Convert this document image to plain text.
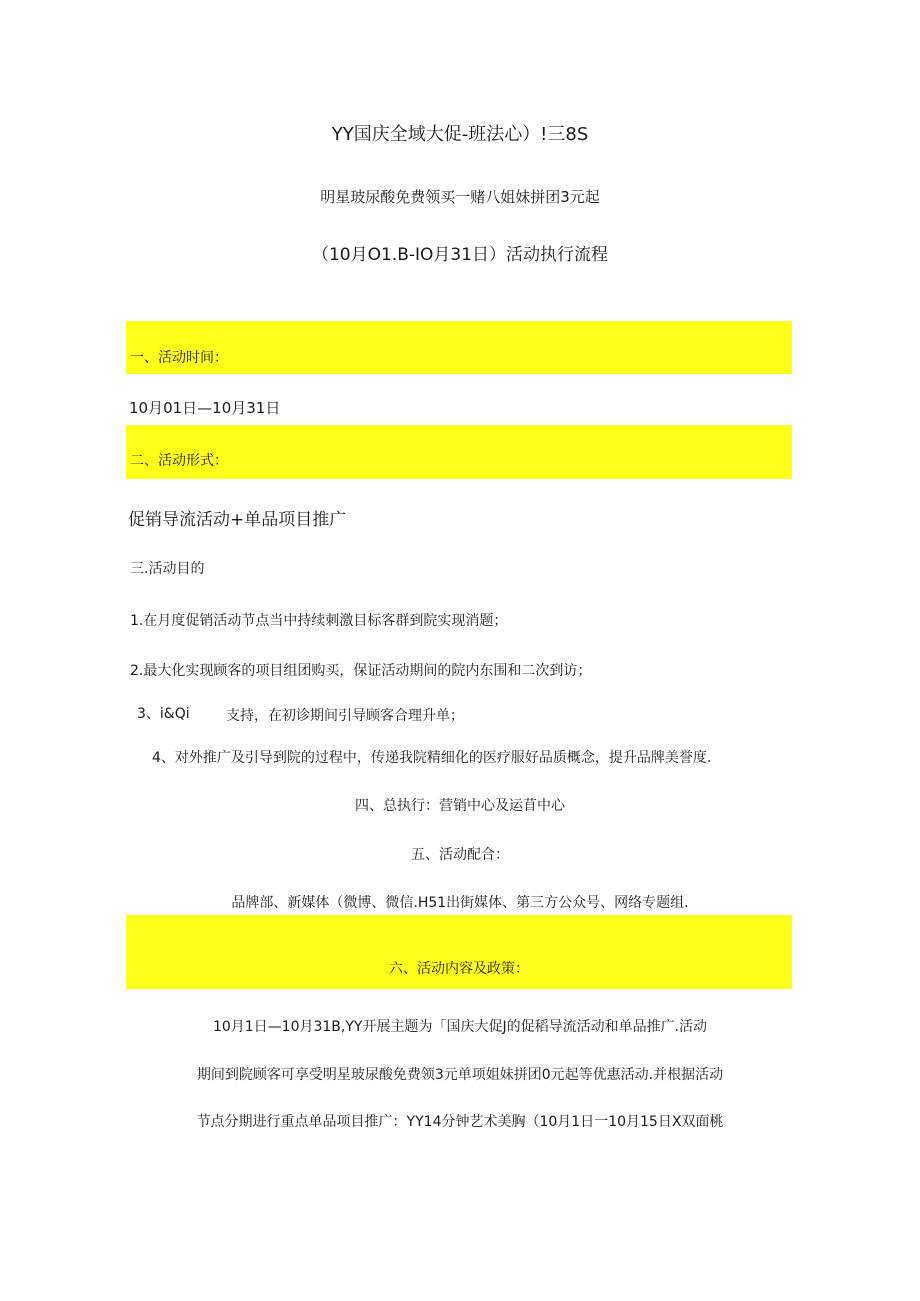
YY国庆全域大促-班法心）!三8S
明星玻尿酸免费领买一赌八姐妹拼团3元起
（10月O1.B-IO月31日）活动执行流程
一、活动时间：
10月01日—10月31日
二、活动形式：
促销导流活动+单品项目推广
三.活动目的
1.在月度促销活动节点当中持续刺激目标客群到院实现消题；
2.最大化实现顾客的项目组团购买，保证活动期间的院内东围和二次到访；
3、i&Qi	支持，在初诊期间引导顾客合理升单；
4、对外推广及引导到院的过程中，传递我院精细化的医疗服好品质概念，提升品牌美誉度.
四、总执行：营销中心及运苜中心
五、活动配合：
品牌部、新媒体（微博、微信.H51出街媒体、第三方公众号、网络专题组.
六、活动内容及政策：
10月1日—10月31B,YY开展主题为「国庆大促J的促稻导流活动和单品推广.活动
期间到院顾客可享受明星玻尿酸免费领3元单项姐妹拼团0元起等优惠活动.并根据活动
节点分期进行重点单品项目推广：YY14分钟艺术美胸（10月1日一10月15日X双面桃
